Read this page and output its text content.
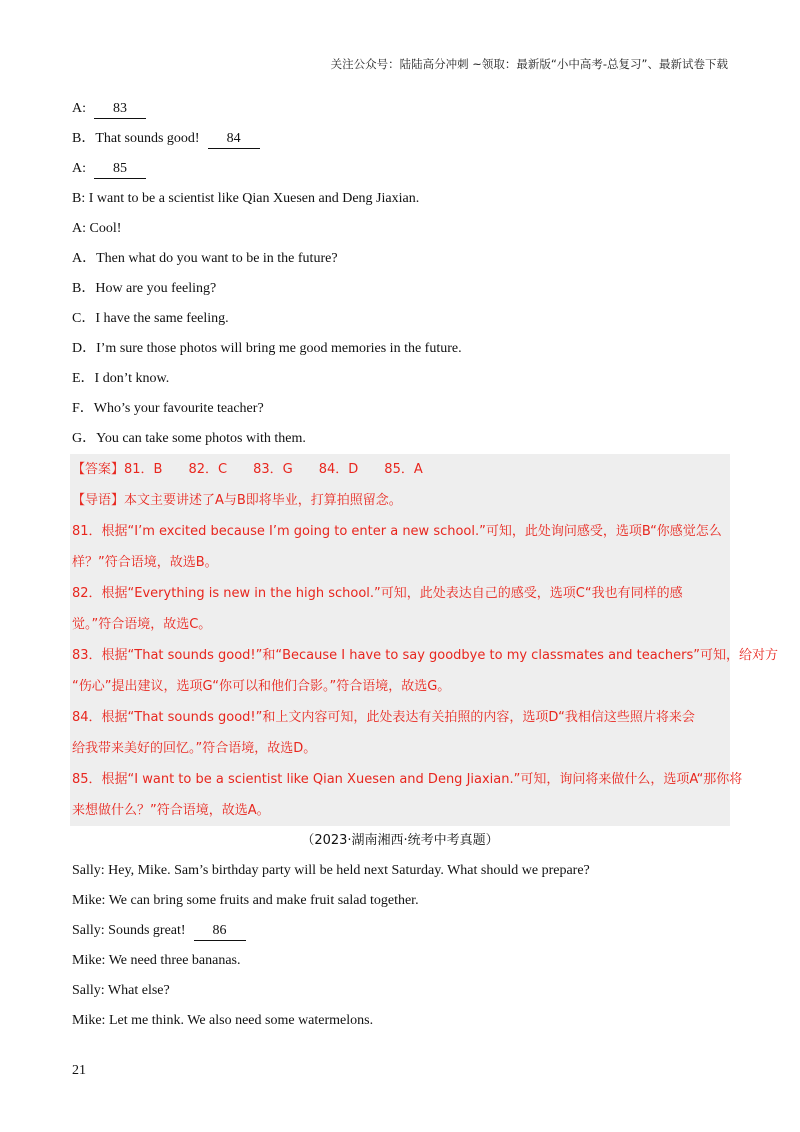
关注公众号：陆陆高分冲刺 ~领取：最新版“小中高考-总复习”、最新试卷下载
A: 83
B．That sounds good! 84
A: 85
B: I want to be a scientist like Qian Xuesen and Deng Jiaxian.
A: Cool!
A．Then what do you want to be in the future?
B．How are you feeling?
C．I have the same feeling.
D．I’m sure those photos will bring me good memories in the future.
E．I don’t know.
F．Who’s your favourite teacher?
G．You can take some photos with them.
【答案】81．B 82．C 83．G 84．D 85．A
【导语】本文主要讲述了A与B即将毕业，打算拍照留念。
81．根据“I’m excited because I’m going to enter a new school.”可知，此处询问感受，选项B“你感觉怎么
样？”符合语境，故选B。
82．根据“Everything is new in the high school.”可知，此处表达自己的感受，选项C“我也有同样的感
觉。”符合语境，故选C。
83．根据“That sounds good!”和“Because I have to say goodbye to my classmates and teachers”可知，给对方
“伤心”提出建议，选项G“你可以和他们合影。”符合语境，故选G。
84．根据“That sounds good!”和上文内容可知，此处表达有关拍照的内容，选项D“我相信这些照片将来会
给我带来美好的回忆。”符合语境，故选D。
85．根据“I want to be a scientist like Qian Xuesen and Deng Jiaxian.”可知，询问将来做什么，选项A“那你将
来想做什么？”符合语境，故选A。
（2023·湖南湘西·统考中考真题）
Sally: Hey, Mike. Sam’s birthday party will be held next Saturday. What should we prepare?
Mike: We can bring some fruits and make fruit salad together.
Sally: Sounds great! 86
Mike: We need three bananas.
Sally: What else?
Mike: Let me think. We also need some watermelons.
21
